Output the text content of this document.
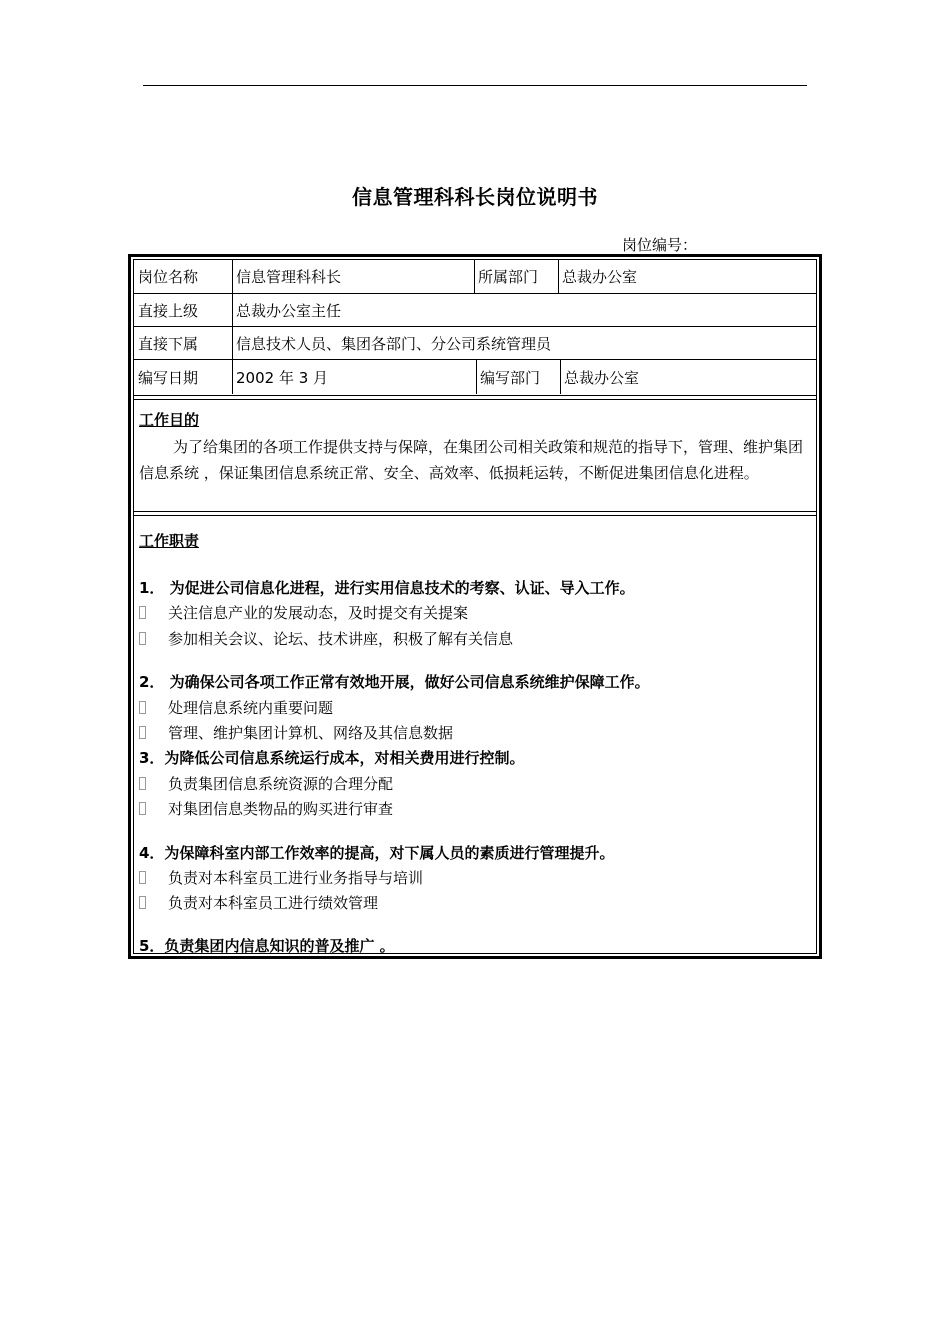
信息管理科科长岗位说明书
岗位编号：
岗位名称	信息管理科科长	所属部门	总裁办公室
直接上级	总裁办公室主任
直接下属	信息技术人员、集团各部门、分公司系统管理员
编写日期	2002 年 3 月	编写部门	总裁办公室
工作目的
为了给集团的各项工作提供支持与保障，在集团公司相关政策和规范的指导下，管理、维护集团信息系统 ，保证集团信息系统正常、安全、高效率、低损耗运转，不断促进集团信息化进程。
工作职责
1． 为促进公司信息化进程，进行实用信息技术的考察、认证、导入工作。
关注信息产业的发展动态，及时提交有关提案
参加相关会议、论坛、技术讲座，积极了解有关信息
2． 为确保公司各项工作正常有效地开展，做好公司信息系统维护保障工作。
处理信息系统内重要问题
管理、维护集团计算机、网络及其信息数据
3．为降低公司信息系统运行成本，对相关费用进行控制。
负责集团信息系统资源的合理分配
对集团信息类物品的购买进行审查
4．为保障科室内部工作效率的提高，对下属人员的素质进行管理提升。
负责对本科室员工进行业务指导与培训
负责对本科室员工进行绩效管理
5．负责集团内信息知识的普及推广 。
